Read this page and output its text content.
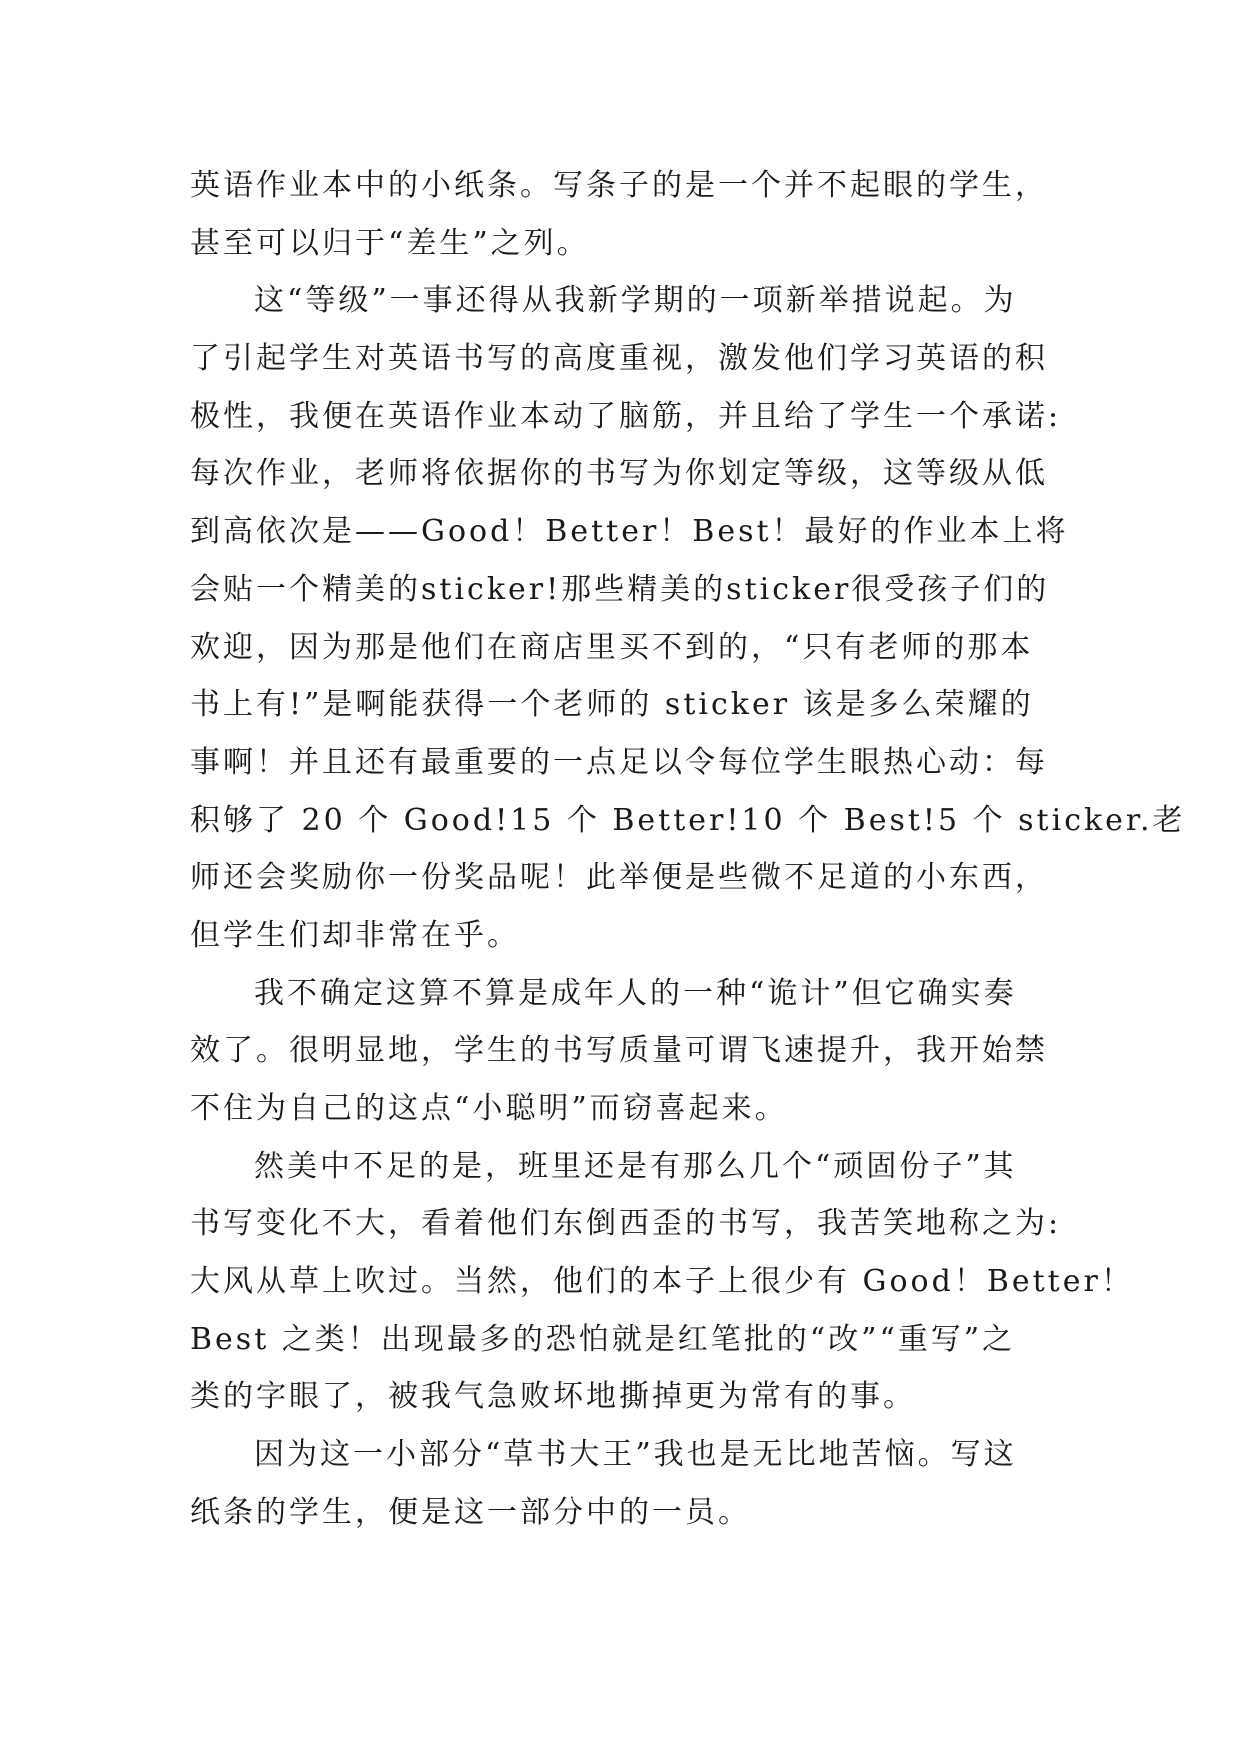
英语作业本中的小纸条。写条子的是一个并不起眼的学生，
甚至可以归于“差生”之列。
这“等级”一事还得从我新学期的一项新举措说起。为
了引起学生对英语书写的高度重视，激发他们学习英语的积
极性，我便在英语作业本动了脑筋，并且给了学生一个承诺:
每次作业，老师将依据你的书写为你划定等级，这等级从低
到高依次是——Good！Better！Best！最好的作业本上将
会贴一个精美的sticker!那些精美的sticker很受孩子们的
欢迎，因为那是他们在商店里买不到的，“只有老师的那本
书上有!”是啊能获得一个老师的 sticker 该是多么荣耀的
事啊！并且还有最重要的一点足以令每位学生眼热心动：每
积够了 20 个 Good!15 个 Better!10 个 Best!5 个 sticker.老
师还会奖励你一份奖品呢！此举便是些微不足道的小东西，
但学生们却非常在乎。
我不确定这算不算是成年人的一种“诡计”但它确实奏
效了。很明显地，学生的书写质量可谓飞速提升，我开始禁
不住为自己的这点“小聪明”而窃喜起来。
然美中不足的是，班里还是有那么几个“顽固份子”其
书写变化不大，看着他们东倒西歪的书写，我苦笑地称之为:
大风从草上吹过。当然，他们的本子上很少有 Good！Better！
Best 之类！出现最多的恐怕就是红笔批的“改”“重写”之
类的字眼了，被我气急败坏地撕掉更为常有的事。
因为这一小部分“草书大王”我也是无比地苦恼。写这
纸条的学生，便是这一部分中的一员。
